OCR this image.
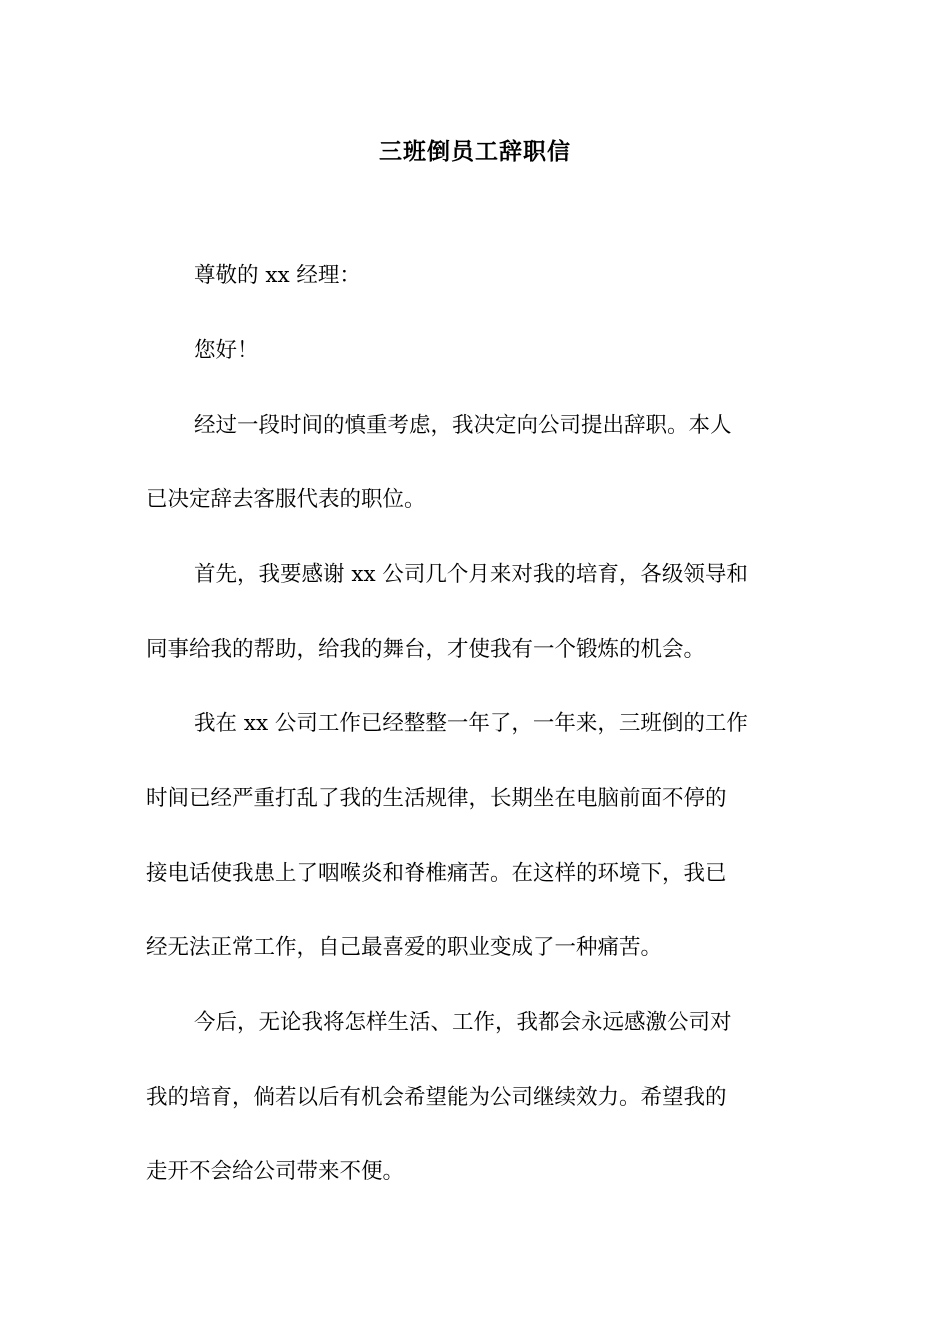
三班倒员工辞职信
尊敬的 xx 经理：
您好！
经过一段时间的慎重考虑，我决定向公司提出辞职。本人
已决定辞去客服代表的职位。
首先，我要感谢 xx 公司几个月来对我的培育，各级领导和
同事给我的帮助，给我的舞台，才使我有一个锻炼的机会。
我在 xx 公司工作已经整整一年了，一年来，三班倒的工作
时间已经严重打乱了我的生活规律，长期坐在电脑前面不停的
接电话使我患上了咽喉炎和脊椎痛苦。在这样的环境下，我已
经无法正常工作，自己最喜爱的职业变成了一种痛苦。
今后，无论我将怎样生活、工作，我都会永远感激公司对
我的培育，倘若以后有机会希望能为公司继续效力。希望我的
走开不会给公司带来不便。
